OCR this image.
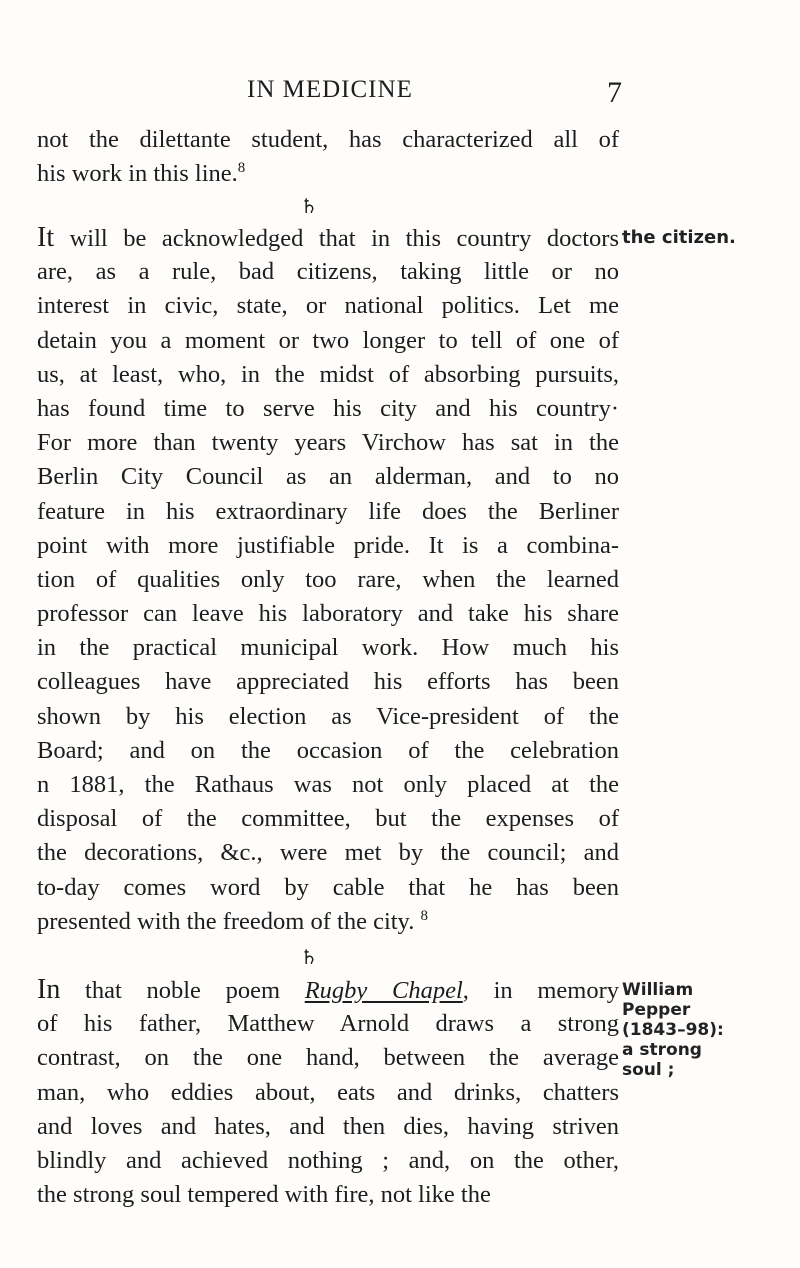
IN MEDICINE	7
not the dilettante student, has characterized all of
his work in this line.$^8$
♄
It will be acknowledged that in this country doctors
are, as a rule, bad citizens, taking little or no
interest in civic, state, or national politics. Let me
detain you a moment or two longer to tell of one of
us, at least, who, in the midst of absorbing pursuits,
has found time to serve his city and his country·
For more than twenty years Virchow has sat in the
Berlin City Council as an alderman, and to no
feature in his extraordinary life does the Berliner
point with more justifiable pride. It is a combina-
tion of qualities only too rare, when the learned
professor can leave his laboratory and take his share
in the practical municipal work. How much his
colleagues have appreciated his efforts has been
shown by his election as Vice-president of the
Board; and on the occasion of the celebration
n 1881, the Rathaus was not only placed at the
disposal of the committee, but the expenses of
the decorations, &c., were met by the council; and
to-day comes word by cable that he has been
presented with the freedom of the city. $^8$
the citizen.
♄
In that noble poem Rugby Chapel, in memory
of his father, Matthew Arnold draws a strong
contrast, on the one hand, between the average
man, who eddies about, eats and drinks, chatters
and loves and hates, and then dies, having striven
blindly and achieved nothing ; and, on the other,
the strong soul tempered with fire, not like the
William
Pepper
(1843–98):
a strong
soul ;
